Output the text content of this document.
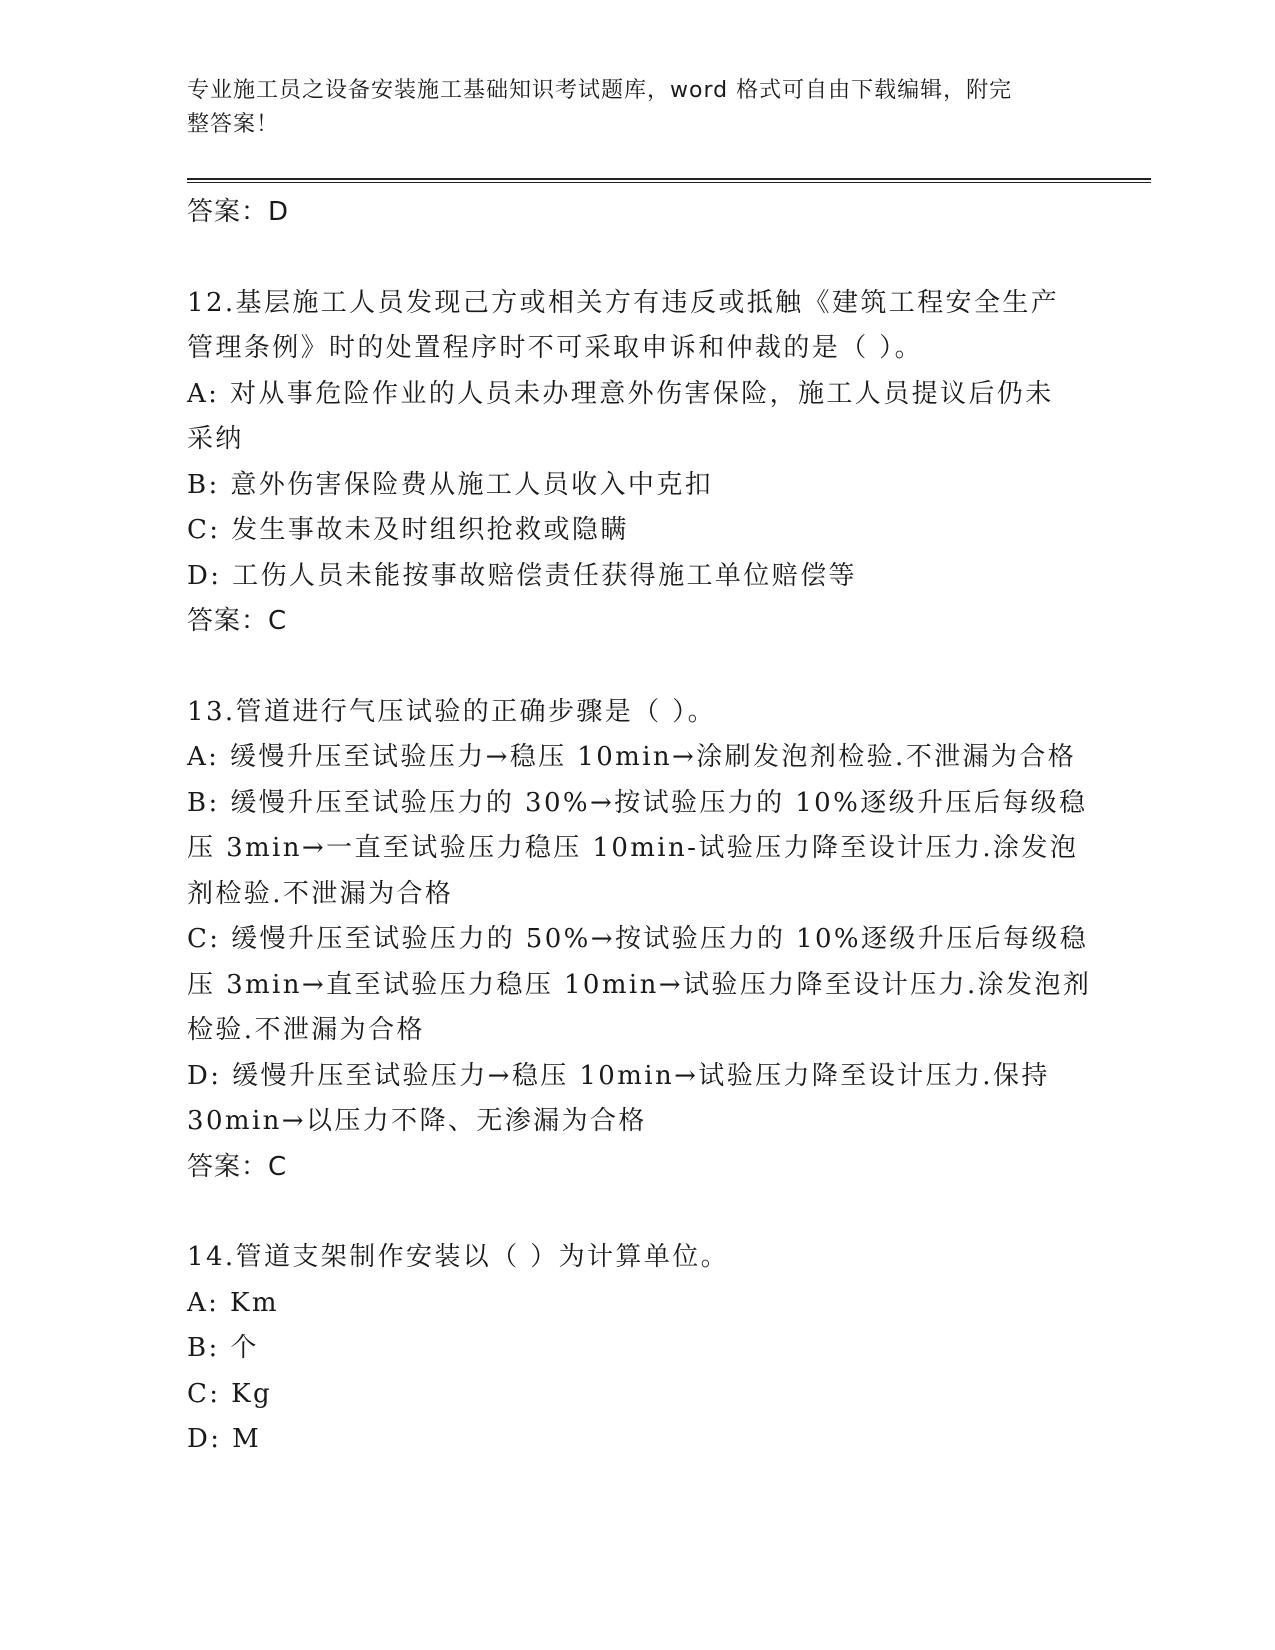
专业施工员之设备安装施工基础知识考试题库，word 格式可自由下载编辑，附完
整答案！
答案：D
12.基层施工人员发现己方或相关方有违反或抵触《建筑工程安全生产
管理条例》时的处置程序时不可采取申诉和仲裁的是（ ）。
A: 对从事危险作业的人员未办理意外伤害保险，施工人员提议后仍未
采纳
B: 意外伤害保险费从施工人员收入中克扣
C: 发生事故未及时组织抢救或隐瞒
D: 工伤人员未能按事故赔偿责任获得施工单位赔偿等
答案：C
13.管道进行气压试验的正确步骤是（ ）。
A: 缓慢升压至试验压力→稳压 10min→涂刷发泡剂检验.不泄漏为合格
B: 缓慢升压至试验压力的 30%→按试验压力的 10%逐级升压后每级稳
压 3min→一直至试验压力稳压 10min-试验压力降至设计压力.涂发泡
剂检验.不泄漏为合格
C: 缓慢升压至试验压力的 50%→按试验压力的 10%逐级升压后每级稳
压 3min→直至试验压力稳压 10min→试验压力降至设计压力.涂发泡剂
检验.不泄漏为合格
D: 缓慢升压至试验压力→稳压 10min→试验压力降至设计压力.保持
30min→以压力不降、无渗漏为合格
答案：C
14.管道支架制作安装以（ ）为计算单位。
A: Km
B: 个
C: Kg
D: M
